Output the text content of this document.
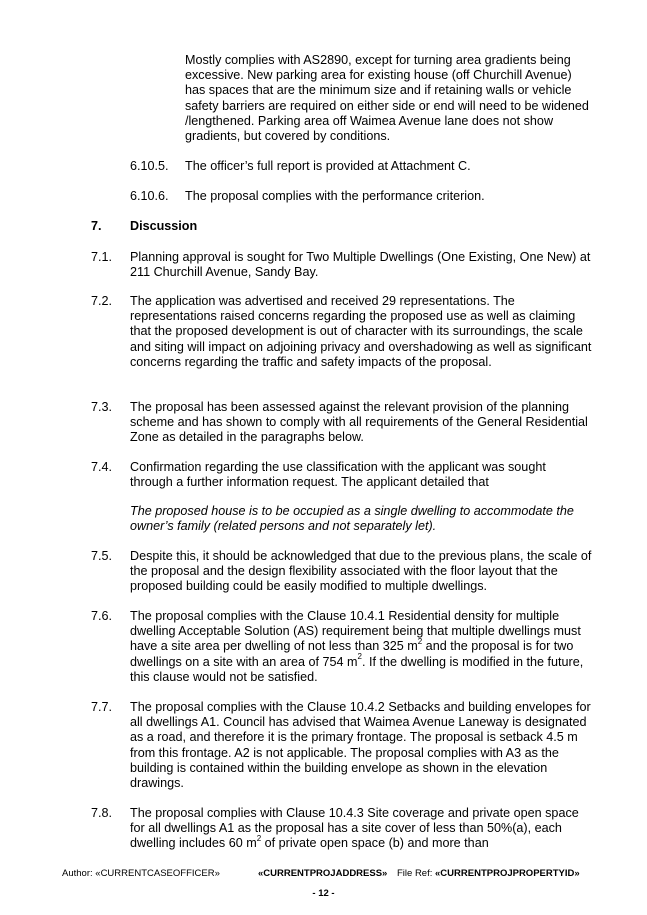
Mostly complies with AS2890, except for turning area gradients being excessive. New parking area for existing house (off Churchill Avenue) has spaces that are the minimum size and if retaining walls or vehicle safety barriers are required on either side or end will need to be widened /lengthened. Parking area off Waimea Avenue lane does not show gradients, but covered by conditions.
6.10.5. The officer’s full report is provided at Attachment C.
6.10.6. The proposal complies with the performance criterion.
7. Discussion
7.1. Planning approval is sought for Two Multiple Dwellings (One Existing, One New) at 211 Churchill Avenue, Sandy Bay.
7.2. The application was advertised and received 29 representations. The representations raised concerns regarding the proposed use as well as claiming that the proposed development is out of character with its surroundings, the scale and siting will impact on adjoining privacy and overshadowing as well as significant concerns regarding the traffic and safety impacts of the proposal.
7.3. The proposal has been assessed against the relevant provision of the planning scheme and has shown to comply with all requirements of the General Residential Zone as detailed in the paragraphs below.
7.4. Confirmation regarding the use classification with the applicant was sought through a further information request. The applicant detailed that
The proposed house is to be occupied as a single dwelling to accommodate the owner’s family (related persons and not separately let).
7.5. Despite this, it should be acknowledged that due to the previous plans, the scale of the proposal and the design flexibility associated with the floor layout that the proposed building could be easily modified to multiple dwellings.
7.6. The proposal complies with the Clause 10.4.1 Residential density for multiple dwelling Acceptable Solution (AS) requirement being that multiple dwellings must have a site area per dwelling of not less than 325 $m^2$ and the proposal is for two dwellings on a site with an area of 754 $m^2$. If the dwelling is modified in the future, this clause would not be satisfied.
7.7. The proposal complies with the Clause 10.4.2 Setbacks and building envelopes for all dwellings A1. Council has advised that Waimea Avenue Laneway is designated as a road, and therefore it is the primary frontage. The proposal is setback 4.5 m from this frontage. A2 is not applicable. The proposal complies with A3 as the building is contained within the building envelope as shown in the elevation drawings.
7.8. The proposal complies with Clause 10.4.3 Site coverage and private open space for all dwellings A1 as the proposal has a site cover of less than 50%(a), each dwelling includes 60 $m^2$ of private open space (b) and more than
Author: «CURRENTCASEOFFICER»	«CURRENTPROJADDRESS» File Ref: «CURRENTPROJPROPERTYID»
- 12 -
